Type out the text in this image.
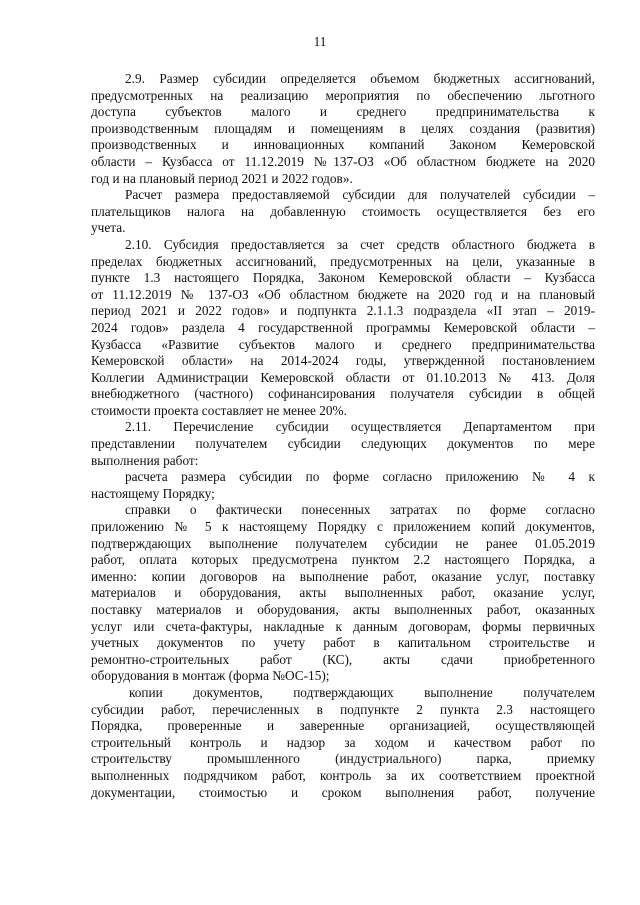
11
2.9. Размер субсидии определяется объемом бюджетных ассигнований,
предусмотренных на реализацию мероприятия по обеспечению льготного
доступа субъектов малого и среднего предпринимательства к
производственным площадям и помещениям в целях создания (развития)
производственных и инновационных компаний Законом Кемеровской
области – Кузбасса от 11.12.2019 №137-ОЗ «Об областном бюджете на 2020
год и на плановый период 2021 и 2022 годов».
Расчет размера предоставляемой субсидии для получателей субсидии –
плательщиков налога на добавленную стоимость осуществляется без его
учета.
2.10. Субсидия предоставляется за счет средств областного бюджета в
пределах бюджетных ассигнований, предусмотренных на цели, указанные в
пункте 1.3 настоящего Порядка, Законом Кемеровской области – Кузбасса
от 11.12.2019 № 137-ОЗ «Об областном бюджете на 2020 год и на плановый
период 2021 и 2022 годов» и подпункта 2.1.1.3 подраздела «II этап – 2019-
2024 годов» раздела 4 государственной программы Кемеровской области –
Кузбасса «Развитие субъектов малого и среднего предпринимательства
Кемеровской области» на 2014-2024 годы, утвержденной постановлением
Коллегии Администрации Кемеровской области от 01.10.2013 № 413. Доля
внебюджетного (частного) софинансирования получателя субсидии в общей
стоимости проекта составляет не менее 20%.
2.11. Перечисление субсидии осуществляется Департаментом при
представлении получателем субсидии следующих документов по мере
выполнения работ:
расчета размера субсидии по форме согласно приложению № 4 к
настоящему Порядку;
справки о фактически понесенных затратах по форме согласно
приложению № 5 к настоящему Порядку с приложением копий документов,
подтверждающих выполнение получателем субсидии не ранее 01.05.2019
работ, оплата которых предусмотрена пунктом 2.2 настоящего Порядка, а
именно: копии договоров на выполнение работ, оказание услуг, поставку
материалов и оборудования, акты выполненных работ, оказание услуг,
поставку материалов и оборудования, акты выполненных работ, оказанных
услуг или счета-фактуры, накладные к данным договорам, формы первичных
учетных документов по учету работ в капитальном строительстве и
ремонтно-строительных работ (КС), акты сдачи приобретенного
оборудования в монтаж (форма №ОС-15);
копии документов, подтверждающих выполнение получателем
субсидии работ, перечисленных в подпункте 2 пункта 2.3 настоящего
Порядка, проверенные и заверенные организацией, осуществляющей
строительный контроль и надзор за ходом и качеством работ по
строительству промышленного (индустриального) парка, приемку
выполненных подрядчиком работ, контроль за их соответствием проектной
документации, стоимостью и сроком выполнения работ, получение
